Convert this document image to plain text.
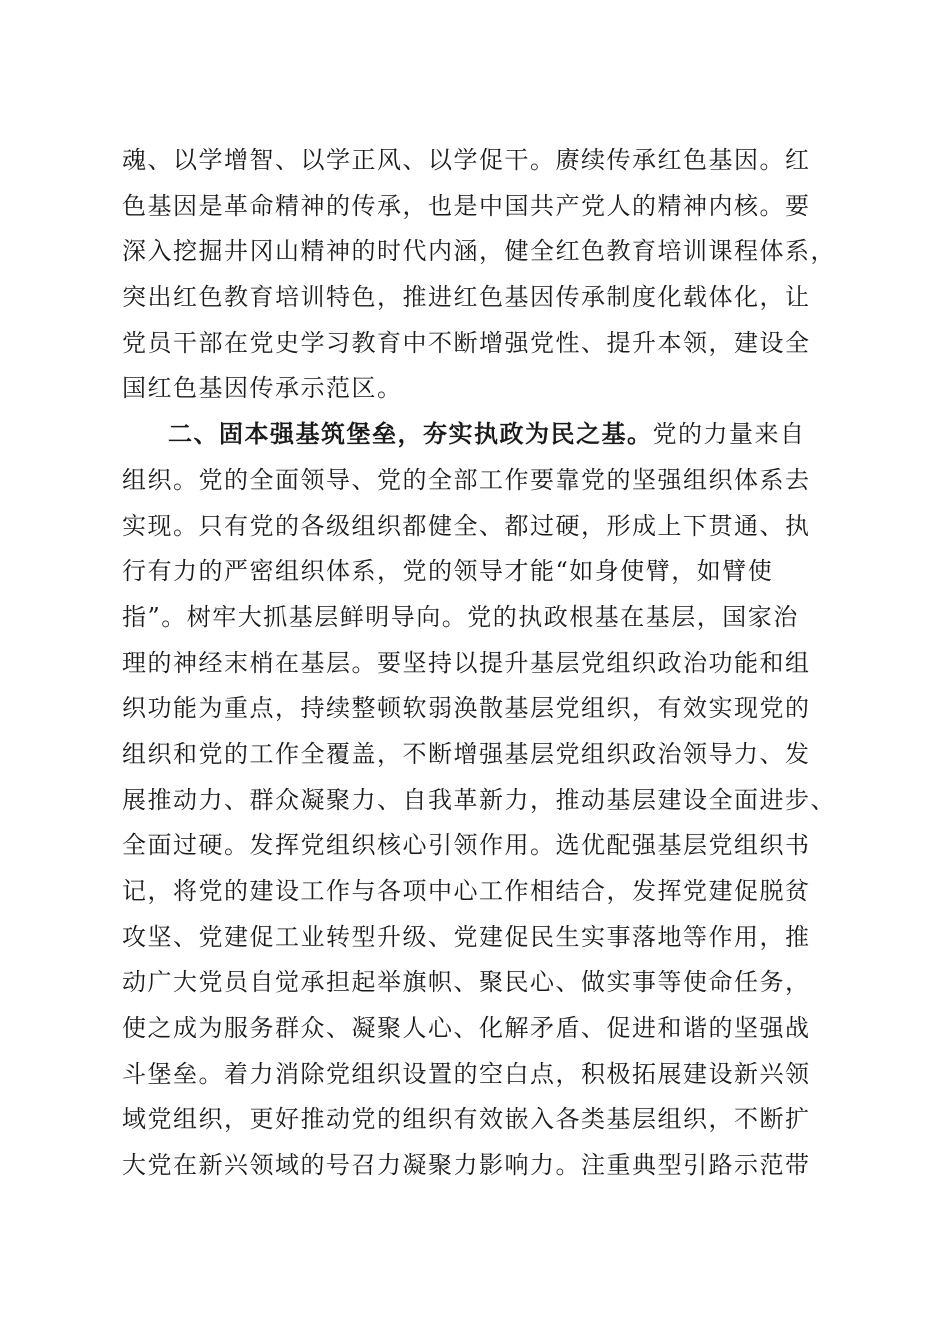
魂、以学增智、以学正风、以学促干。赓续传承红色基因。红
色基因是革命精神的传承，也是中国共产党人的精神内核。要
深入挖掘井冈山精神的时代内涵，健全红色教育培训课程体系，
突出红色教育培训特色，推进红色基因传承制度化载体化，让
党员干部在党史学习教育中不断增强党性、提升本领，建设全
国红色基因传承示范区。
二、固本强基筑堡垒，夯实执政为民之基。党的力量来自
组织。党的全面领导、党的全部工作要靠党的坚强组织体系去
实现。只有党的各级组织都健全、都过硬，形成上下贯通、执
行有力的严密组织体系，党的领导才能“如身使臂，如臂使
指”。树牢大抓基层鲜明导向。党的执政根基在基层，国家治
理的神经末梢在基层。要坚持以提升基层党组织政治功能和组
织功能为重点，持续整顿软弱涣散基层党组织，有效实现党的
组织和党的工作全覆盖，不断增强基层党组织政治领导力、发
展推动力、群众凝聚力、自我革新力，推动基层建设全面进步、
全面过硬。发挥党组织核心引领作用。选优配强基层党组织书
记，将党的建设工作与各项中心工作相结合，发挥党建促脱贫
攻坚、党建促工业转型升级、党建促民生实事落地等作用，推
动广大党员自觉承担起举旗帜、聚民心、做实事等使命任务，
使之成为服务群众、凝聚人心、化解矛盾、促进和谐的坚强战
斗堡垒。着力消除党组织设置的空白点，积极拓展建设新兴领
域党组织，更好推动党的组织有效嵌入各类基层组织，不断扩
大党在新兴领域的号召力凝聚力影响力。注重典型引路示范带
